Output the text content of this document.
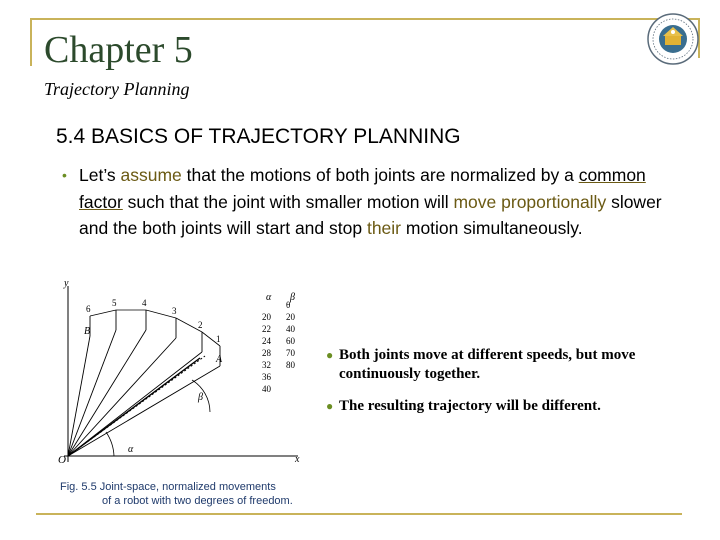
Chapter 5
Trajectory Planning
5.4 BASICS OF TRAJECTORY PLANNING
• Let’s assume that the motions of both joints are normalized by a common factor such that the joint with smaller motion will move proportionally slower and the both joints will start and stop their motion simultaneously.
y
x
O
α
β
6
5	4
3
2
1
A
B
α β
20
22
24
28
32
36
40
θ
20
40
60
70
80
Fig. 5.5 Joint-space, normalized movements
of a robot with two degrees of freedom.
● Both joints move at different speeds, but move continuously together.
● The resulting trajectory will be different.
